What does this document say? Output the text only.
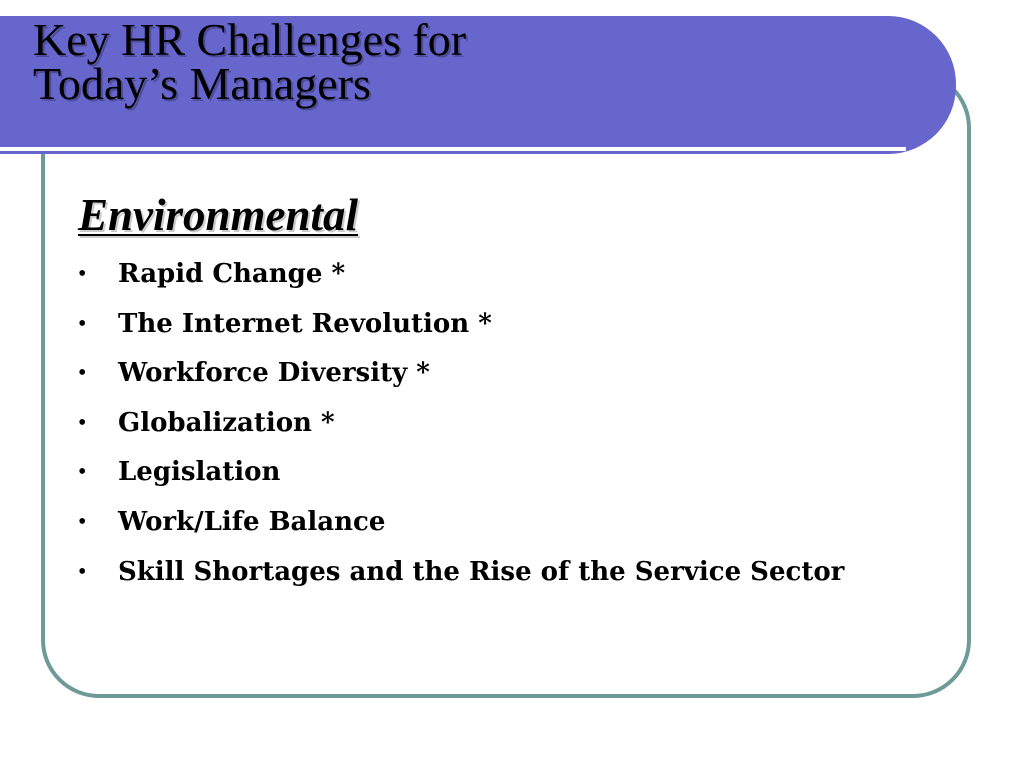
Key HR Challenges for
Today’s Managers
Environmental
•	Rapid Change *
•	The Internet Revolution *
•	Workforce Diversity *
•	Globalization *
•	Legislation
•	Work/Life Balance
•	Skill Shortages and the Rise of the Service Sector
